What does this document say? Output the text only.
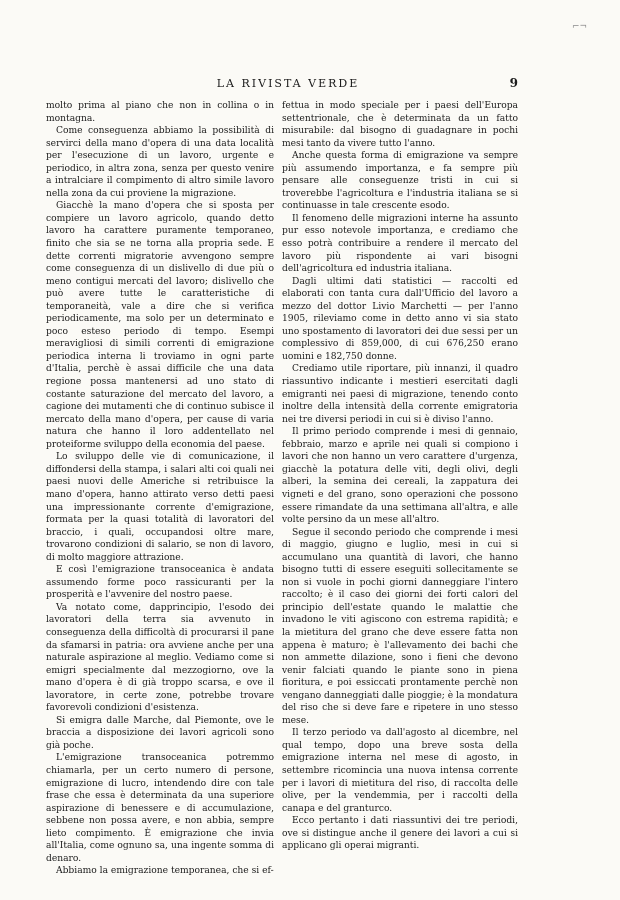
⌐¬
LA RIVISTA VERDE	9

molto prima al piano che non in collina o in montagna.

Come conseguenza abbiamo la possibilità di servirci della mano d'opera di una data località per l'esecuzione di un lavoro, urgente e periodico, in altra zona, senza per questo venire a intralciare il compimento di altro simile lavoro nella zona da cui proviene la migrazione.

Giacchè la mano d'opera che si sposta per compiere un lavoro agricolo, quando detto lavoro ha carattere puramente temporaneo, finito che sia se ne torna alla propria sede. E dette correnti migratorie avvengono sempre come conseguenza di un dislivello di due più o meno contigui mercati del lavoro; dislivello che può avere tutte le caratteristiche di temporaneità, vale a dire che si verifica periodicamente, ma solo per un determinato e poco esteso periodo di tempo. Esempi meravigliosi di simili correnti di emigrazione periodica interna li troviamo in ogni parte d'Italia, perchè è assai difficile che una data regione possa mantenersi ad uno stato di costante saturazione del mercato del lavoro, a cagione dei mutamenti che di continuo subisce il mercato della mano d'opera, per cause di varia natura che hanno il loro addentellato nel proteiforme sviluppo della economia del paese.

Lo sviluppo delle vie di comunicazione, il diffondersi della stampa, i salari alti coi quali nei paesi nuovi delle Americhe si retribuisce la mano d'opera, hanno attirato verso detti paesi una impressionante corrente d'emigrazione, formata per la quasi totalità di lavoratori del braccio, i quali, occupandosi oltre mare, trovarono condizioni di salario, se non di lavoro, di molto maggiore attrazione.

E così l'emigrazione transoceanica è andata assumendo forme poco rassicuranti per la prosperità e l'avvenire del nostro paese.

Va notato come, dapprincipio, l'esodo dei lavoratori della terra sia avvenuto in conseguenza della difficoltà di procurarsi il pane da sfamarsi in patria: ora avviene anche per una naturale aspirazione al meglio. Vediamo come si emigri specialmente dal mezzogiorno, ove la mano d'opera è di già troppo scarsa, e ove il lavoratore, in certe zone, potrebbe trovare favorevoli condizioni d'esistenza.

Si emigra dalle Marche, dal Piemonte, ove le braccia a disposizione dei lavori agricoli sono già poche.

L'emigrazione transoceanica potremmo chiamarla, per un certo numero di persone, emigrazione di lucro, intendendo dire con tale frase che essa è determinata da una superiore aspirazione di benessere e di accumulazione, sebbene non possa avere, e non abbia, sempre lieto compimento. È emigrazione che invia all'Italia, come ognuno sa, una ingente somma di denaro.

Abbiamo la emigrazione temporanea, che si ef-

fettua in modo speciale per i paesi dell'Europa settentrionale, che è determinata da un fatto misurabile: dal bisogno di guadagnare in pochi mesi tanto da vivere tutto l'anno.

Anche questa forma di emigrazione va sempre più assumendo importanza, e fa sempre più pensare alle conseguenze tristi in cui si troverebbe l'agricoltura e l'industria italiana se si continuasse in tale crescente esodo.

Il fenomeno delle migrazioni interne ha assunto pur esso notevole importanza, e crediamo che esso potrà contribuire a rendere il mercato del lavoro più rispondente ai vari bisogni dell'agricoltura ed industria italiana.

Dagli ultimi dati statistici — raccolti ed elaborati con tanta cura dall'Ufficio del lavoro a mezzo del dottor Livio Marchetti — per l'anno 1905, rileviamo come in detto anno vi sia stato uno spostamento di lavoratori dei due sessi per un complessivo di 859,000, di cui 676,250 erano uomini e 182,750 donne.

Crediamo utile riportare, più innanzi, il quadro riassuntivo indicante i mestieri esercitati dagli emigranti nei paesi di migrazione, tenendo conto inoltre della intensità della corrente emigratoria nei tre diversi periodi in cui si è diviso l'anno.

Il primo periodo comprende i mesi di gennaio, febbraio, marzo e aprile nei quali si compiono i lavori che non hanno un vero carattere d'urgenza, giacchè la potatura delle viti, degli olivi, degli alberi, la semina dei cereali, la zappatura dei vigneti e del grano, sono operazioni che possono essere rimandate da una settimana all'altra, e alle volte persino da un mese all'altro.

Segue il secondo periodo che comprende i mesi di maggio, giugno e luglio, mesi in cui si accumulano una quantità di lavori, che hanno bisogno tutti di essere eseguiti sollecitamente se non si vuole in pochi giorni danneggiare l'intero raccolto; è il caso dei giorni dei forti calori del principio dell'estate quando le malattie che invadono le viti agiscono con estrema rapidità; e la mietitura del grano che deve essere fatta non appena è maturo; è l'allevamento dei bachi che non ammette dilazione, sono i fieni che devono venir falciati quando le piante sono in piena fioritura, e poi essiccati prontamente perchè non vengano danneggiati dalle pioggie; è la mondatura del riso che si deve fare e ripetere in uno stesso mese.

Il terzo periodo va dall'agosto al dicembre, nel qual tempo, dopo una breve sosta della emigrazione interna nel mese di agosto, in settembre ricomincia una nuova intensa corrente per i lavori di mietitura del riso, di raccolta delle olive, per la vendemmia, per i raccolti della canapa e del granturco.

Ecco pertanto i dati riassuntivi dei tre periodi, ove si distingue anche il genere dei lavori a cui si applicano gli operai migranti.
